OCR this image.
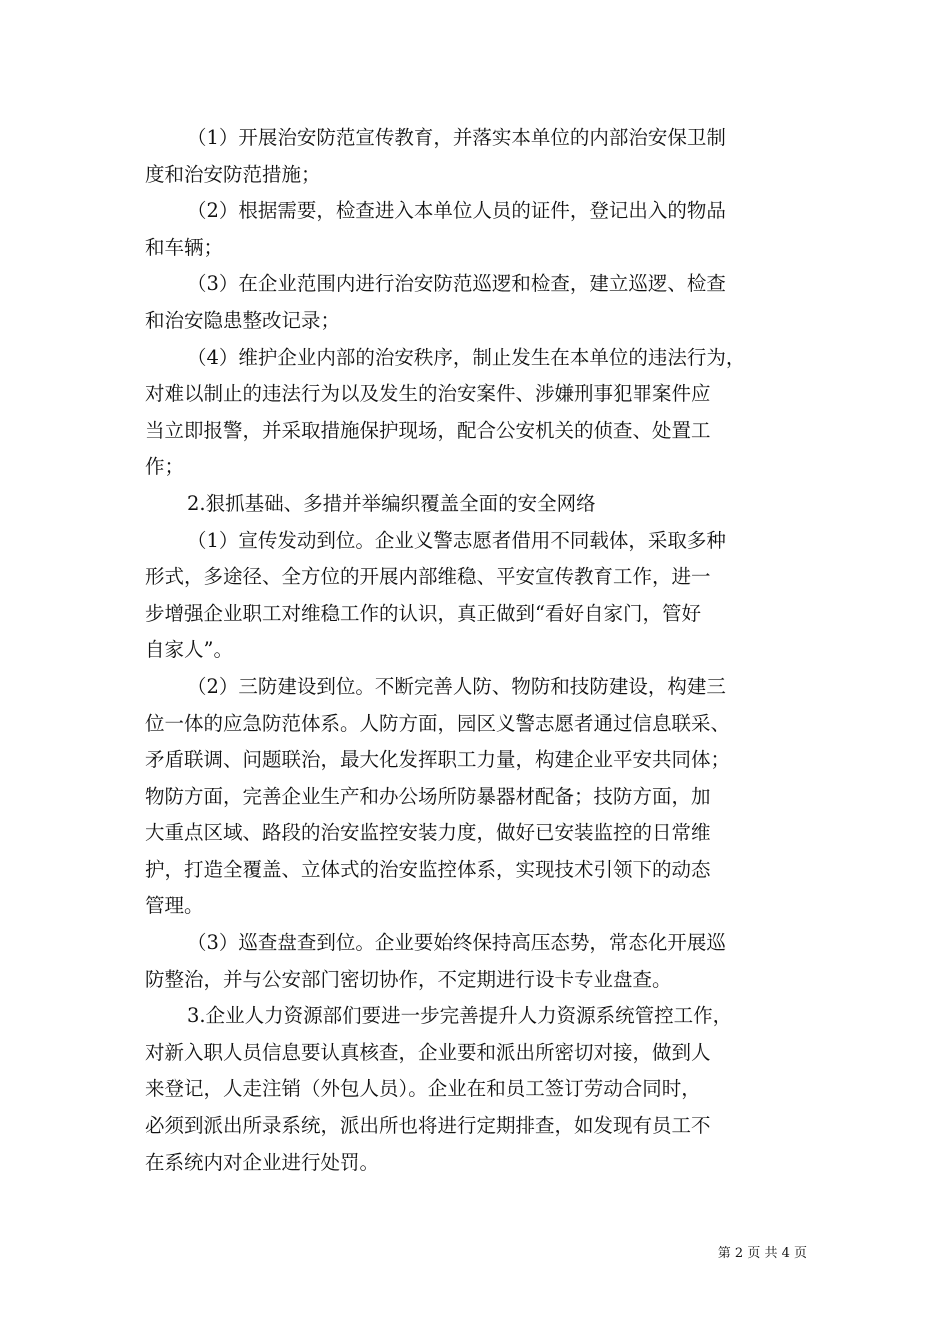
（1）开展治安防范宣传教育，并落实本单位的内部治安保卫制
度和治安防范措施；
（2）根据需要，检查进入本单位人员的证件，登记出入的物品
和车辆；
（3）在企业范围内进行治安防范巡逻和检查，建立巡逻、检查
和治安隐患整改记录；
（4）维护企业内部的治安秩序，制止发生在本单位的违法行为，
对难以制止的违法行为以及发生的治安案件、涉嫌刑事犯罪案件应
当立即报警，并采取措施保护现场，配合公安机关的侦查、处置工
作；
2.狠抓基础、多措并举编织覆盖全面的安全网络
（1）宣传发动到位。企业义警志愿者借用不同载体，采取多种
形式，多途径、全方位的开展内部维稳、平安宣传教育工作，进一
步增强企业职工对维稳工作的认识，真正做到“看好自家门，管好
自家人”。
（2）三防建设到位。不断完善人防、物防和技防建设，构建三
位一体的应急防范体系。人防方面，园区义警志愿者通过信息联采、
矛盾联调、问题联治，最大化发挥职工力量，构建企业平安共同体；
物防方面，完善企业生产和办公场所防暴器材配备；技防方面，加
大重点区域、路段的治安监控安装力度，做好已安装监控的日常维
护，打造全覆盖、立体式的治安监控体系，实现技术引领下的动态
管理。
（3）巡查盘查到位。企业要始终保持高压态势，常态化开展巡
防整治，并与公安部门密切协作，不定期进行设卡专业盘查。
3.企业人力资源部们要进一步完善提升人力资源系统管控工作，
对新入职人员信息要认真核查，企业要和派出所密切对接，做到人
来登记，人走注销（外包人员）。企业在和员工签订劳动合同时，
必须到派出所录系统，派出所也将进行定期排查，如发现有员工不
在系统内对企业进行处罚。
第 2 页 共 4 页
